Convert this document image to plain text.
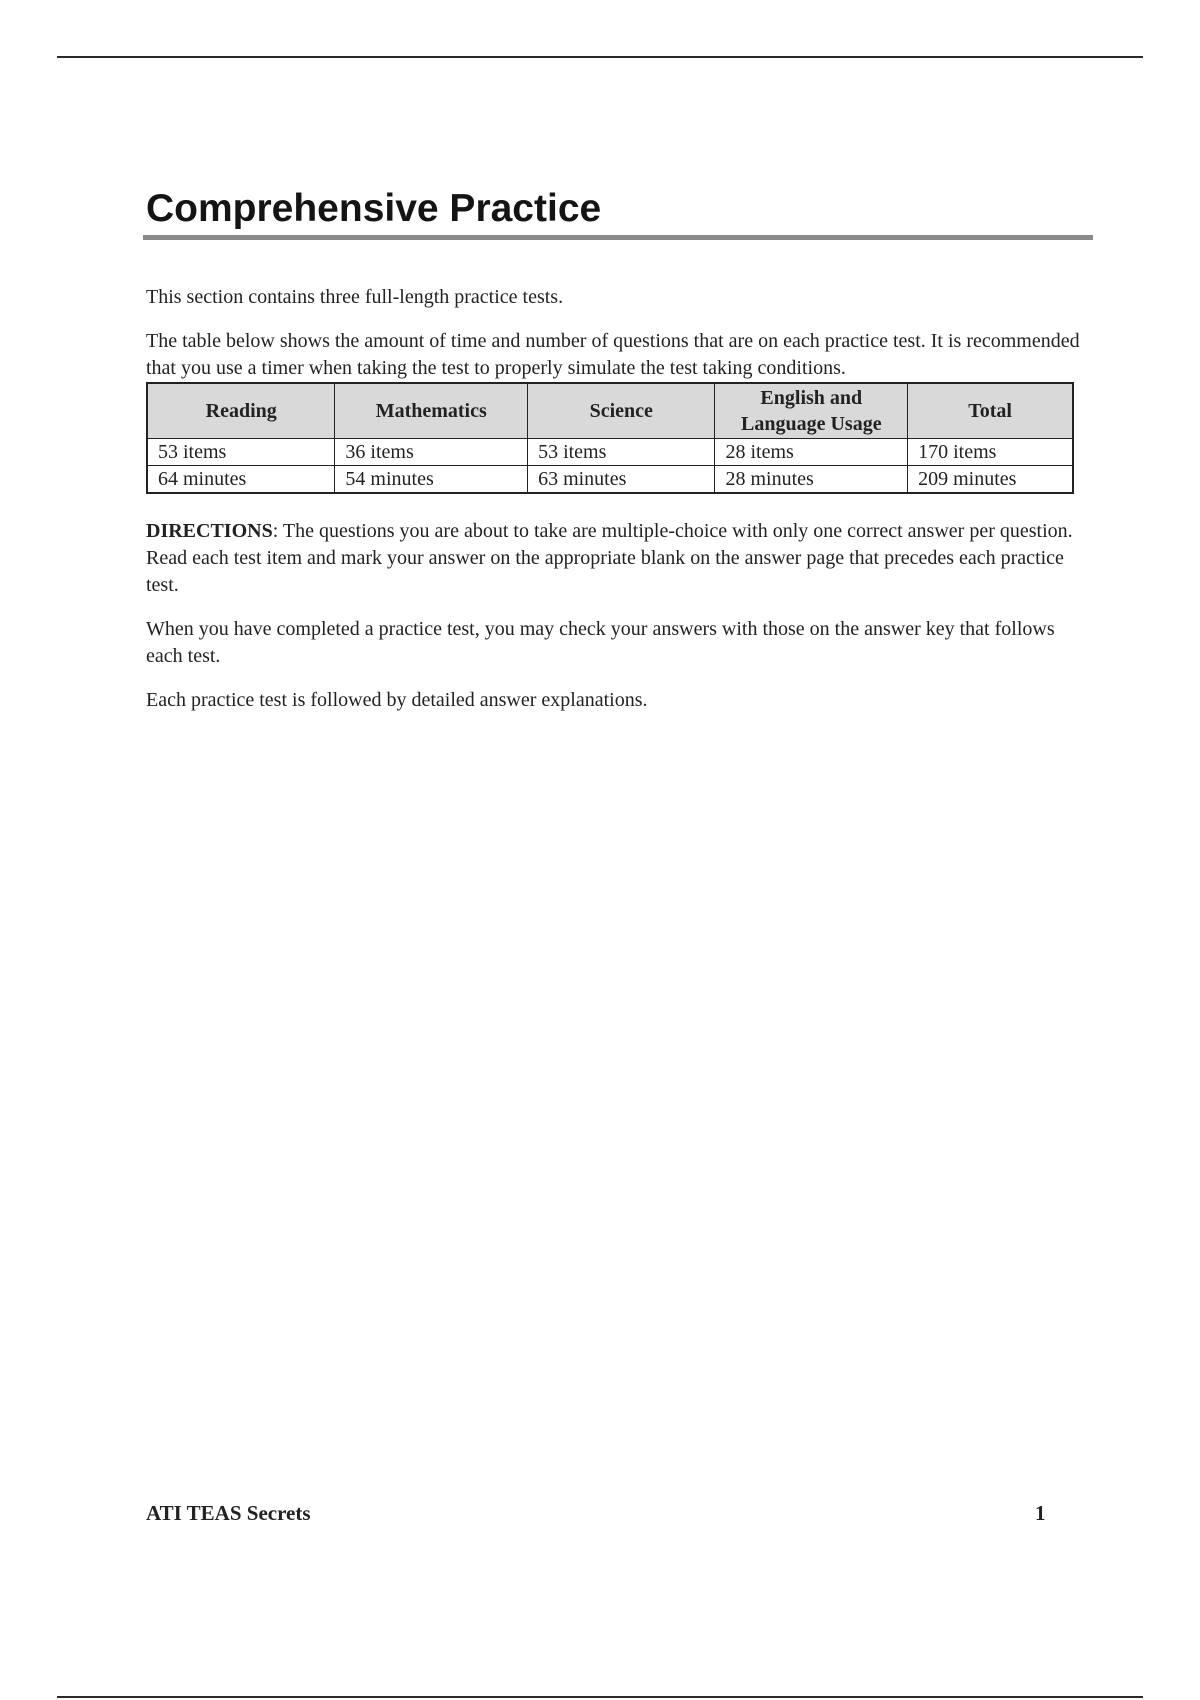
Comprehensive Practice

This section contains three full-length practice tests.

The table below shows the amount of time and number of questions that are on each practice test. It is recommended that you use a timer when taking the test to properly simulate the test taking conditions.

Reading	Mathematics	Science	English and Language Usage	Total
53 items	36 items	53 items	28 items	170 items
64 minutes	54 minutes	63 minutes	28 minutes	209 minutes

DIRECTIONS: The questions you are about to take are multiple-choice with only one correct answer per question. Read each test item and mark your answer on the appropriate blank on the answer page that precedes each practice test.

When you have completed a practice test, you may check your answers with those on the answer key that follows each test.

Each practice test is followed by detailed answer explanations.

ATI TEAS Secrets	1
